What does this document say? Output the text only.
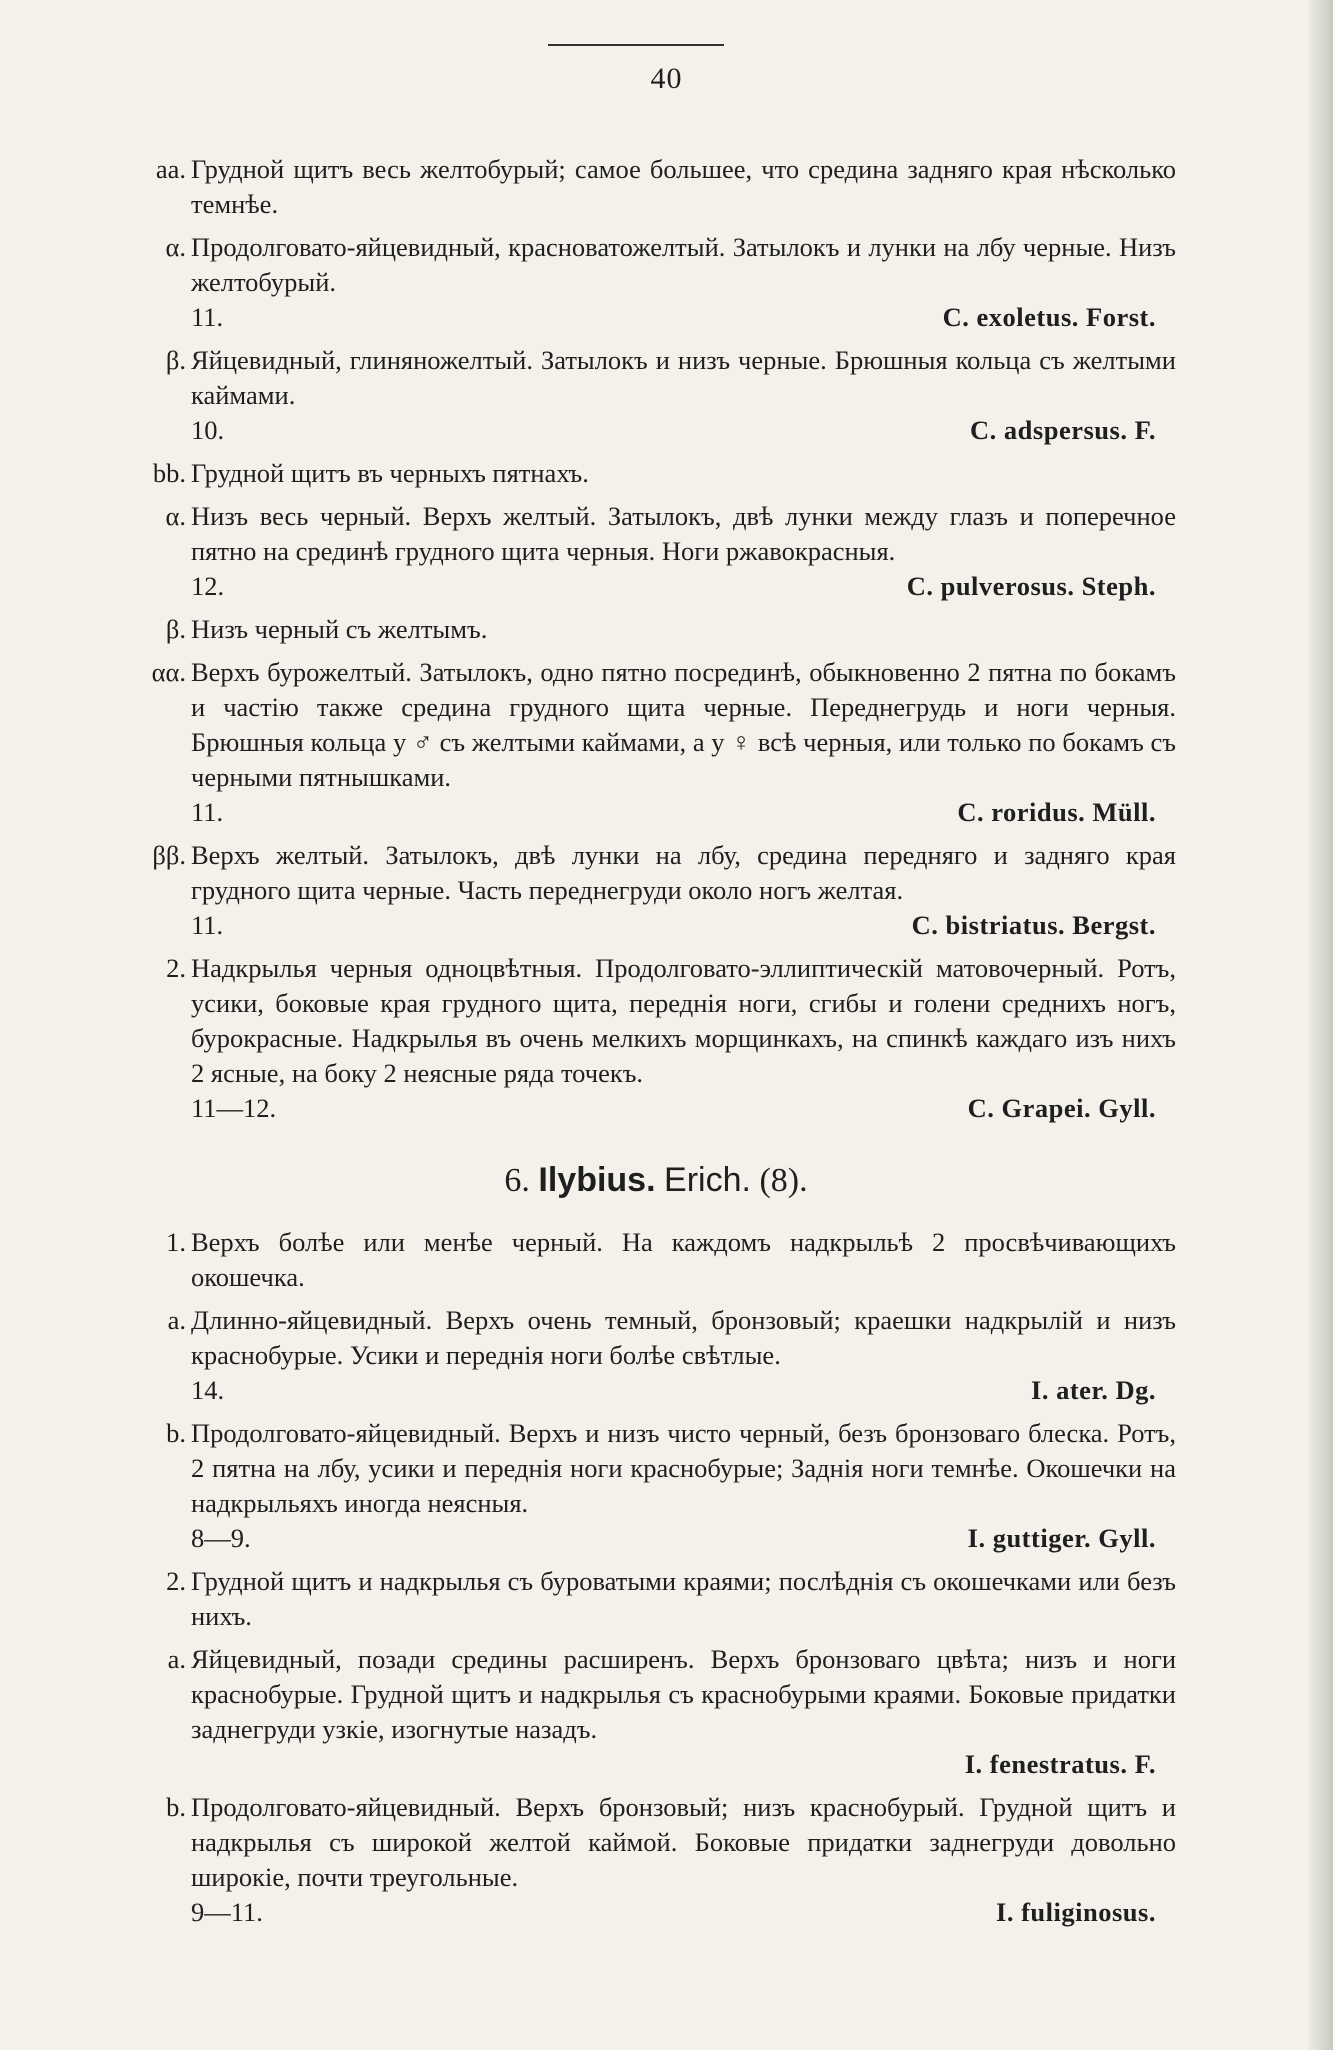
40
aa. Грудной щитъ весь желтобурый; самое большее, что средина задняго края нѣсколько темнѣе.
α. Продолговато-яйцевидный, красноватожелтый. Затылокъ и лунки на лбу черные. Низъ желтобурый.
11.	C. exoletus. Forst.
β. Яйцевидный, глиняножелтый. Затылокъ и низъ черные. Брюшныя кольца съ желтыми каймами.
10.	C. adspersus. F.
bb. Грудной щитъ въ черныхъ пятнахъ.
α. Низъ весь черный. Верхъ желтый. Затылокъ, двѣ лунки между глазъ и поперечное пятно на срединѣ грудного щита черныя. Ноги ржавокрасныя.
12.	C. pulverosus. Steph.
β. Низъ черный съ желтымъ.
αα. Верхъ бурожелтый. Затылокъ, одно пятно посрединѣ, обыкновенно 2 пятна по бокамъ и частію также средина грудного щита черные. Переднегрудь и ноги черныя. Брюшныя кольца у ♂ съ желтыми каймами, а у ♀ всѣ черныя, или только по бокамъ съ черными пятнышками.
11.	C. roridus. Müll.
ββ. Верхъ желтый. Затылокъ, двѣ лунки на лбу, средина передняго и задняго края грудного щита черные. Часть переднегруди около ногъ желтая.
11.	C. bistriatus. Bergst.
2. Надкрылья черныя одноцвѣтныя. Продолговато-эллиптическій матовочерный. Ротъ, усики, боковые края грудного щита, переднія ноги, сгибы и голени среднихъ ногъ, бурокрасные. Надкрылья въ очень мелкихъ морщинкахъ, на спинкѣ каждаго изъ нихъ 2 ясные, на боку 2 неясные ряда точекъ.
11—12.	C. Grapei. Gyll.
6. Ilybius. Erich. (8).
1. Верхъ болѣе или менѣе черный. На каждомъ надкрыльѣ 2 просвѣчивающихъ окошечка.
a. Длинно-яйцевидный. Верхъ очень темный, бронзовый; краешки надкрылій и низъ краснобурые. Усики и переднія ноги болѣе свѣтлые.
14.	I. ater. Dg.
b. Продолговато-яйцевидный. Верхъ и низъ чисто черный, безъ бронзоваго блеска. Ротъ, 2 пятна на лбу, усики и переднія ноги краснобурые; Заднія ноги темнѣе. Окошечки на надкрыльяхъ иногда неясныя.
8—9.	I. guttiger. Gyll.
2. Грудной щитъ и надкрылья съ буроватыми краями; послѣднія съ окошечками или безъ нихъ.
a. Яйцевидный, позади средины расширенъ. Верхъ бронзоваго цвѣта; низъ и ноги краснобурые. Грудной щитъ и надкрылья съ краснобурыми краями. Боковые придатки заднегруди узкіе, изогнутые назадъ.
I. fenestratus. F.
b. Продолговато-яйцевидный. Верхъ бронзовый; низъ краснобурый. Грудной щитъ и надкрылья съ широкой желтой каймой. Боковые придатки заднегруди довольно широкіе, почти треугольные.
9—11.	I. fuliginosus.
